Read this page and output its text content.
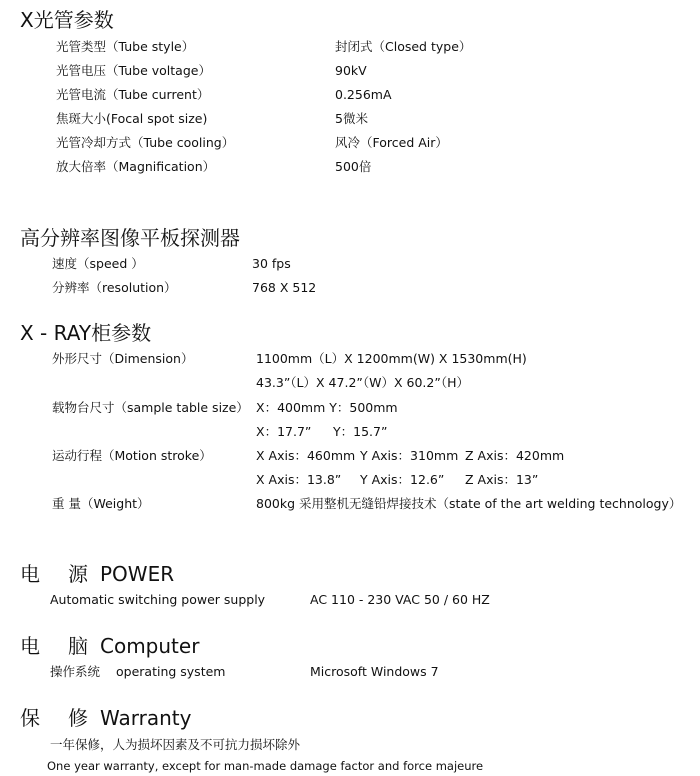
X光管参数
光管类型（Tube style）	封闭式（Closed type）
光管电压（Tube voltage）	90kV
光管电流（Tube current）	0.256mA
焦斑大小(Focal spot size)	5微米
光管冷却方式（Tube cooling）	风冷（Forced Air）
放大倍率（Magnification）	500倍
高分辨率图像平板探测器
速度（speed ）	30 fps
分辨率（resolution）	768 X 512
X - RAY柜参数
外形尺寸（Dimension）	1100mm（L）X 1200mm(W) X 1530mm(H)
43.3”（L）X 47.2”（W）X 60.2”（H）
载物台尺寸（sample table size） X：400mm Y：500mm
X：17.7” Y：15.7”
运动行程（Motion stroke）	X Axis：460mm Y Axis：310mm Z Axis：420mm
X Axis：13.8” Y Axis：12.6” Z Axis：13”
重 量（Weight）	800kg 采用整机无缝铅焊接技术（state of the art welding technology）
电 源 POWER
Automatic switching power supply	AC 110 - 230 VAC 50 / 60 HZ
电 脑 Computer
操作系统 operating system	Microsoft Windows 7
保 修 Warranty
一年保修，人为损坏因素及不可抗力损坏除外
One year warranty, except for man-made damage factor and force majeure
